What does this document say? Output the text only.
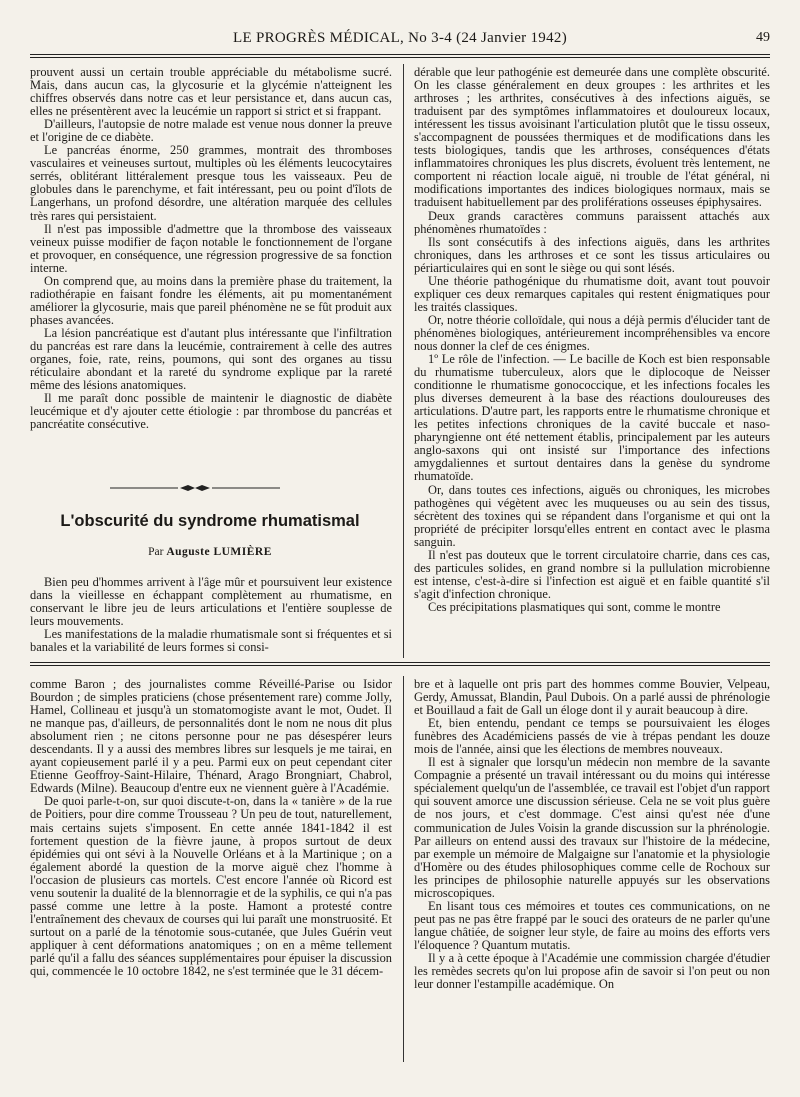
LE PROGRÈS MÉDICAL, No 3-4 (24 Janvier 1942)	49

prouvent aussi un certain trouble appréciable du métabolisme sucré. Mais, dans aucun cas, la glycosurie et la glycémie n'atteignent les chiffres observés dans notre cas et leur persistance et, dans aucun cas, elles ne présentèrent avec la leucémie un rapport si strict et si frappant.

D'ailleurs, l'autopsie de notre malade est venue nous donner la preuve et l'origine de ce diabète.

Le pancréas énorme, 250 grammes, montrait des thromboses vasculaires et veineuses surtout, multiples où les éléments leucocytaires serrés, oblitérant littéralement presque tous les vaisseaux. Peu de globules dans le parenchyme, et fait intéressant, peu ou point d'îlots de Langerhans, un profond désordre, une altération marquée des cellules très rares qui persistaient.

Il n'est pas impossible d'admettre que la thrombose des vaisseaux veineux puisse modifier de façon notable le fonctionnement de l'organe et provoquer, en conséquence, une régression progressive de sa fonction interne.

On comprend que, au moins dans la première phase du traitement, la radiothérapie en faisant fondre les éléments, ait pu momentanément améliorer la glycosurie, mais que pareil phénomène ne se fût produit aux phases avancées.

La lésion pancréatique est d'autant plus intéressante que l'infiltration du pancréas est rare dans la leucémie, contrairement à celle des autres organes, foie, rate, reins, poumons, qui sont des organes au tissu réticulaire abondant et la rareté du syndrome explique par la rareté même des lésions anatomiques.

Il me paraît donc possible de maintenir le diagnostic de diabète leucémique et d'y ajouter cette étiologie : par thrombose du pancréas et pancréatite consécutive.

L'obscurité du syndrome rhumatismal
Par Auguste LUMIÈRE

Bien peu d'hommes arrivent à l'âge mûr et poursuivent leur existence dans la vieillesse en échappant complètement au rhumatisme, en conservant le libre jeu de leurs articulations et l'entière souplesse de leurs mouvements.

Les manifestations de la maladie rhumatismale sont si fréquentes et si banales et la variabilité de leurs formes si consi-

dérable que leur pathogénie est demeurée dans une complète obscurité. On les classe généralement en deux groupes : les arthrites et les arthroses ; les arthrites, consécutives à des infections aiguës, se traduisent par des symptômes inflammatoires et douloureux locaux, intéressent les tissus avoisinant l'articulation plutôt que le tissu osseux, s'accompagnent de poussées thermiques et de modifications dans les tests biologiques, tandis que les arthroses, conséquences d'états inflammatoires chroniques les plus discrets, évoluent très lentement, ne comportent ni réaction locale aiguë, ni trouble de l'état général, ni modifications importantes des indices biologiques normaux, mais se traduisent habituellement par des proliférations osseuses épiphysaires.

Deux grands caractères communs paraissent attachés aux phénomènes rhumatoïdes :

Ils sont consécutifs à des infections aiguës, dans les arthrites chroniques, dans les arthroses et ce sont les tissus articulaires ou périarticulaires qui en sont le siège ou qui sont lésés.

Une théorie pathogénique du rhumatisme doit, avant tout pouvoir expliquer ces deux remarques capitales qui restent énigmatiques pour les traités classiques.

Or, notre théorie colloïdale, qui nous a déjà permis d'élucider tant de phénomènes biologiques, antérieurement incompréhensibles va encore nous donner la clef de ces énigmes.

1º Le rôle de l'infection. — Le bacille de Koch est bien responsable du rhumatisme tuberculeux, alors que le diplocoque de Neisser conditionne le rhumatisme gonococcique, et les infections focales les plus diverses demeurent à la base des réactions douloureuses des articulations. D'autre part, les rapports entre le rhumatisme chronique et les petites infections chroniques de la cavité buccale et naso-pharyngienne ont été nettement établis, principalement par les auteurs anglo-saxons qui ont insisté sur l'importance des infections amygdaliennes et surtout dentaires dans la genèse du syndrome rhumatoïde.

Or, dans toutes ces infections, aiguës ou chroniques, les microbes pathogènes qui végètent avec les muqueuses ou au sein des tissus, sécrètent des toxines qui se répandent dans l'organisme et qui ont la propriété de précipiter lorsqu'elles entrent en contact avec le plasma sanguin.

Il n'est pas douteux que le torrent circulatoire charrie, dans ces cas, des particules solides, en grand nombre si la pullulation microbienne est intense, c'est-à-dire si l'infection est aiguë et en faible quantité s'il s'agit d'infection chronique.

Ces précipitations plasmatiques qui sont, comme le montre

comme Baron ; des journalistes comme Réveillé-Parise ou Isidor Bourdon ; de simples praticiens (chose présentement rare) comme Jolly, Hamel, Collineau et jusqu'à un stomatomogiste avant le mot, Oudet. Il ne manque pas, d'ailleurs, de personnalités dont le nom ne nous dit plus absolument rien ; ne citons personne pour ne pas désespérer leurs descendants. Il y a aussi des membres libres sur lesquels je me tairai, en ayant copieusement parlé il y a peu. Parmi eux on peut cependant citer Etienne Geoffroy-Saint-Hilaire, Thénard, Arago Brongniart, Chabrol, Edwards (Milne). Beaucoup d'entre eux ne viennent guère à l'Académie.

De quoi parle-t-on, sur quoi discute-t-on, dans la « tanière » de la rue de Poitiers, pour dire comme Trousseau ? Un peu de tout, naturellement, mais certains sujets s'imposent. En cette année 1841-1842 il est fortement question de la fièvre jaune, à propos surtout de deux épidémies qui ont sévi à la Nouvelle Orléans et à la Martinique ; on a également abordé la question de la morve aiguë chez l'homme à l'occasion de plusieurs cas mortels. C'est encore l'année où Ricord est venu soutenir la dualité de la blennorragie et de la syphilis, ce qui n'a pas passé comme une lettre à la poste. Hamont a protesté contre l'entraînement des chevaux de courses qui lui paraît une monstruosité. Et surtout on a parlé de la ténotomie sous-cutanée, que Jules Guérin veut appliquer à cent déformations anatomiques ; on en a même tellement parlé qu'il a fallu des séances supplémentaires pour épuiser la discussion qui, commencée le 10 octobre 1842, ne s'est terminée que le 31 décem-

bre et à laquelle ont pris part des hommes comme Bouvier, Velpeau, Gerdy, Amussat, Blandin, Paul Dubois. On a parlé aussi de phrénologie et Bouillaud a fait de Gall un éloge dont il y aurait beaucoup à dire.

Et, bien entendu, pendant ce temps se poursuivaient les éloges funèbres des Académiciens passés de vie à trépas pendant les douze mois de l'année, ainsi que les élections de membres nouveaux.

Il est à signaler que lorsqu'un médecin non membre de la savante Compagnie a présenté un travail intéressant ou du moins qui intéresse spécialement quelqu'un de l'assemblée, ce travail est l'objet d'un rapport qui souvent amorce une discussion sérieuse. Cela ne se voit plus guère de nos jours, et c'est dommage. C'est ainsi qu'est née d'une communication de Jules Voisin la grande discussion sur la phrénologie. Par ailleurs on entend aussi des travaux sur l'histoire de la médecine, par exemple un mémoire de Malgaigne sur l'anatomie et la physiologie d'Homère ou des études philosophiques comme celle de Rochoux sur les principes de philosophie naturelle appuyés sur les observations microscopiques.

En lisant tous ces mémoires et toutes ces communications, on ne peut pas ne pas être frappé par le souci des orateurs de ne parler qu'une langue châtiée, de soigner leur style, de faire au moins des efforts vers l'éloquence ? Quantum mutatis.

Il y a à cette époque à l'Académie une commission chargée d'étudier les remèdes secrets qu'on lui propose afin de savoir si l'on peut ou non leur donner l'estampille académique. On
